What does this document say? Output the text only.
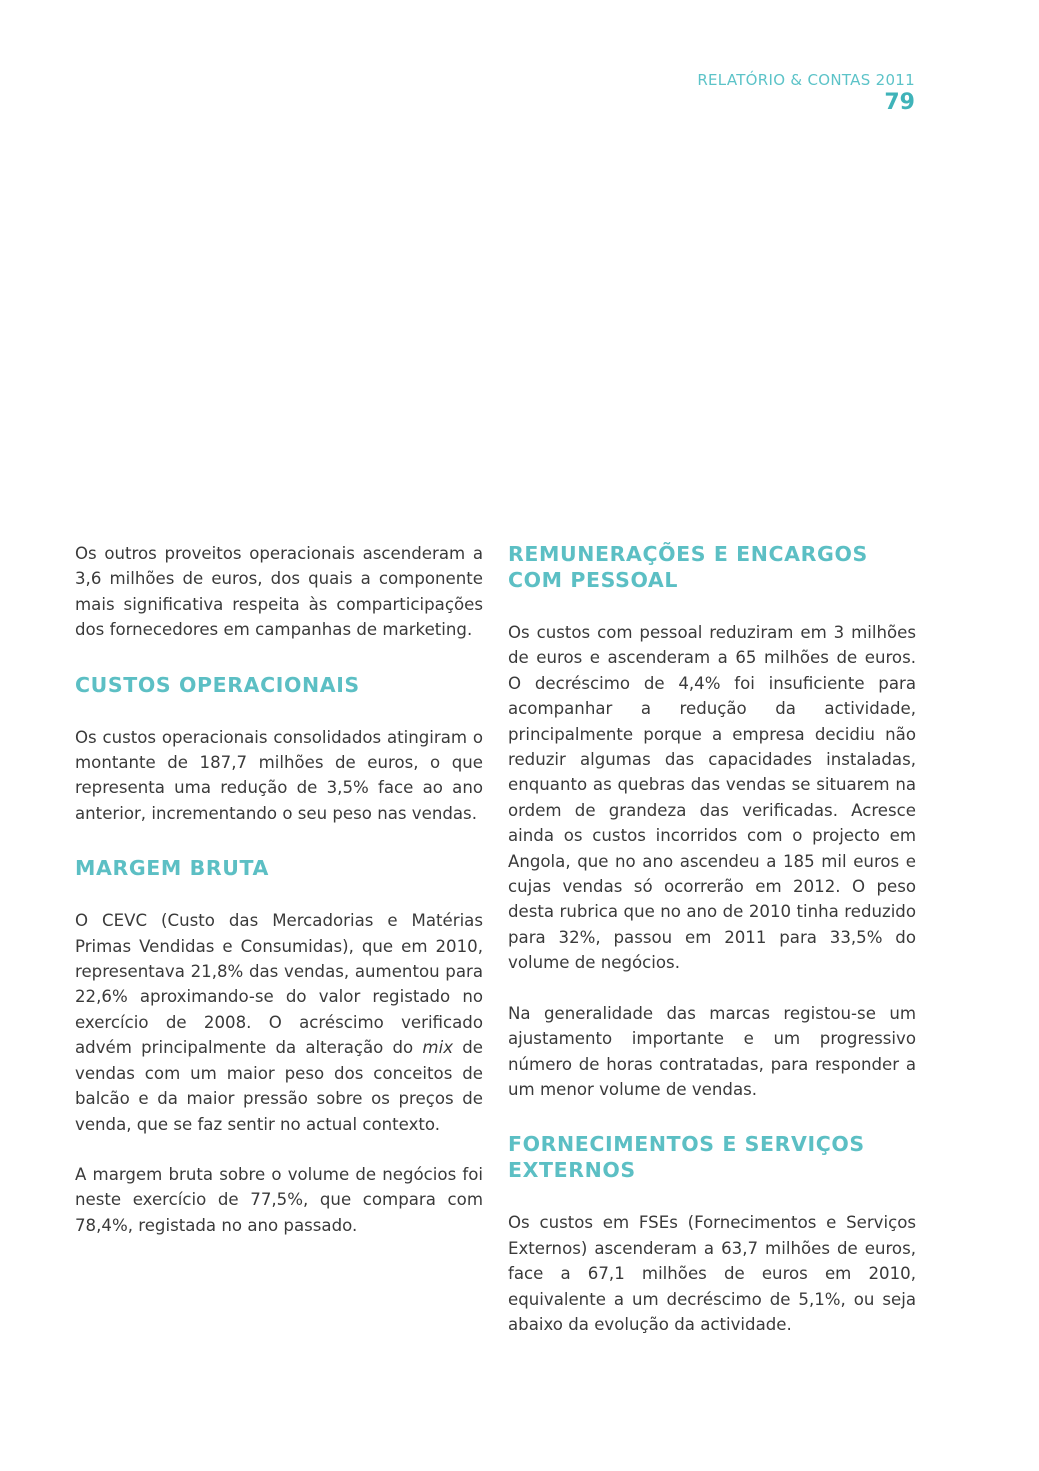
RELATÓRIO & CONTAS 2011
79

Os outros proveitos operacionais ascenderam a 3,6 milhões de euros, dos quais a componente mais significativa respeita às comparticipações dos fornecedores em campanhas de marketing.

CUSTOS OPERACIONAIS

Os custos operacionais consolidados atingiram o montante de 187,7 milhões de euros, o que representa uma redução de 3,5% face ao ano anterior, incrementando o seu peso nas vendas.

MARGEM BRUTA

O CEVC (Custo das Mercadorias e Matérias Primas Vendidas e Consumidas), que em 2010, representava 21,8% das vendas, aumentou para 22,6% aproximando-se do valor registado no exercício de 2008. O acréscimo verificado advém principalmente da alteração do mix de vendas com um maior peso dos conceitos de balcão e da maior pressão sobre os preços de venda, que se faz sentir no actual contexto.

A margem bruta sobre o volume de negócios foi neste exercício de 77,5%, que compara com 78,4%, registada no ano passado.

REMUNERAÇÕES E ENCARGOS COM PESSOAL

Os custos com pessoal reduziram em 3 milhões de euros e ascenderam a 65 milhões de euros. O decréscimo de 4,4% foi insuficiente para acompanhar a redução da actividade, principalmente porque a empresa decidiu não reduzir algumas das capacidades instaladas, enquanto as quebras das vendas se situarem na ordem de grandeza das verificadas. Acresce ainda os custos incorridos com o projecto em Angola, que no ano ascendeu a 185 mil euros e cujas vendas só ocorrerão em 2012. O peso desta rubrica que no ano de 2010 tinha reduzido para 32%, passou em 2011 para 33,5% do volume de negócios.

Na generalidade das marcas registou-se um ajustamento importante e um progressivo número de horas contratadas, para responder a um menor volume de vendas.

FORNECIMENTOS E SERVIÇOS EXTERNOS

Os custos em FSEs (Fornecimentos e Serviços Externos) ascenderam a 63,7 milhões de euros, face a 67,1 milhões de euros em 2010, equivalente a um decréscimo de 5,1%, ou seja abaixo da evolução da actividade.
